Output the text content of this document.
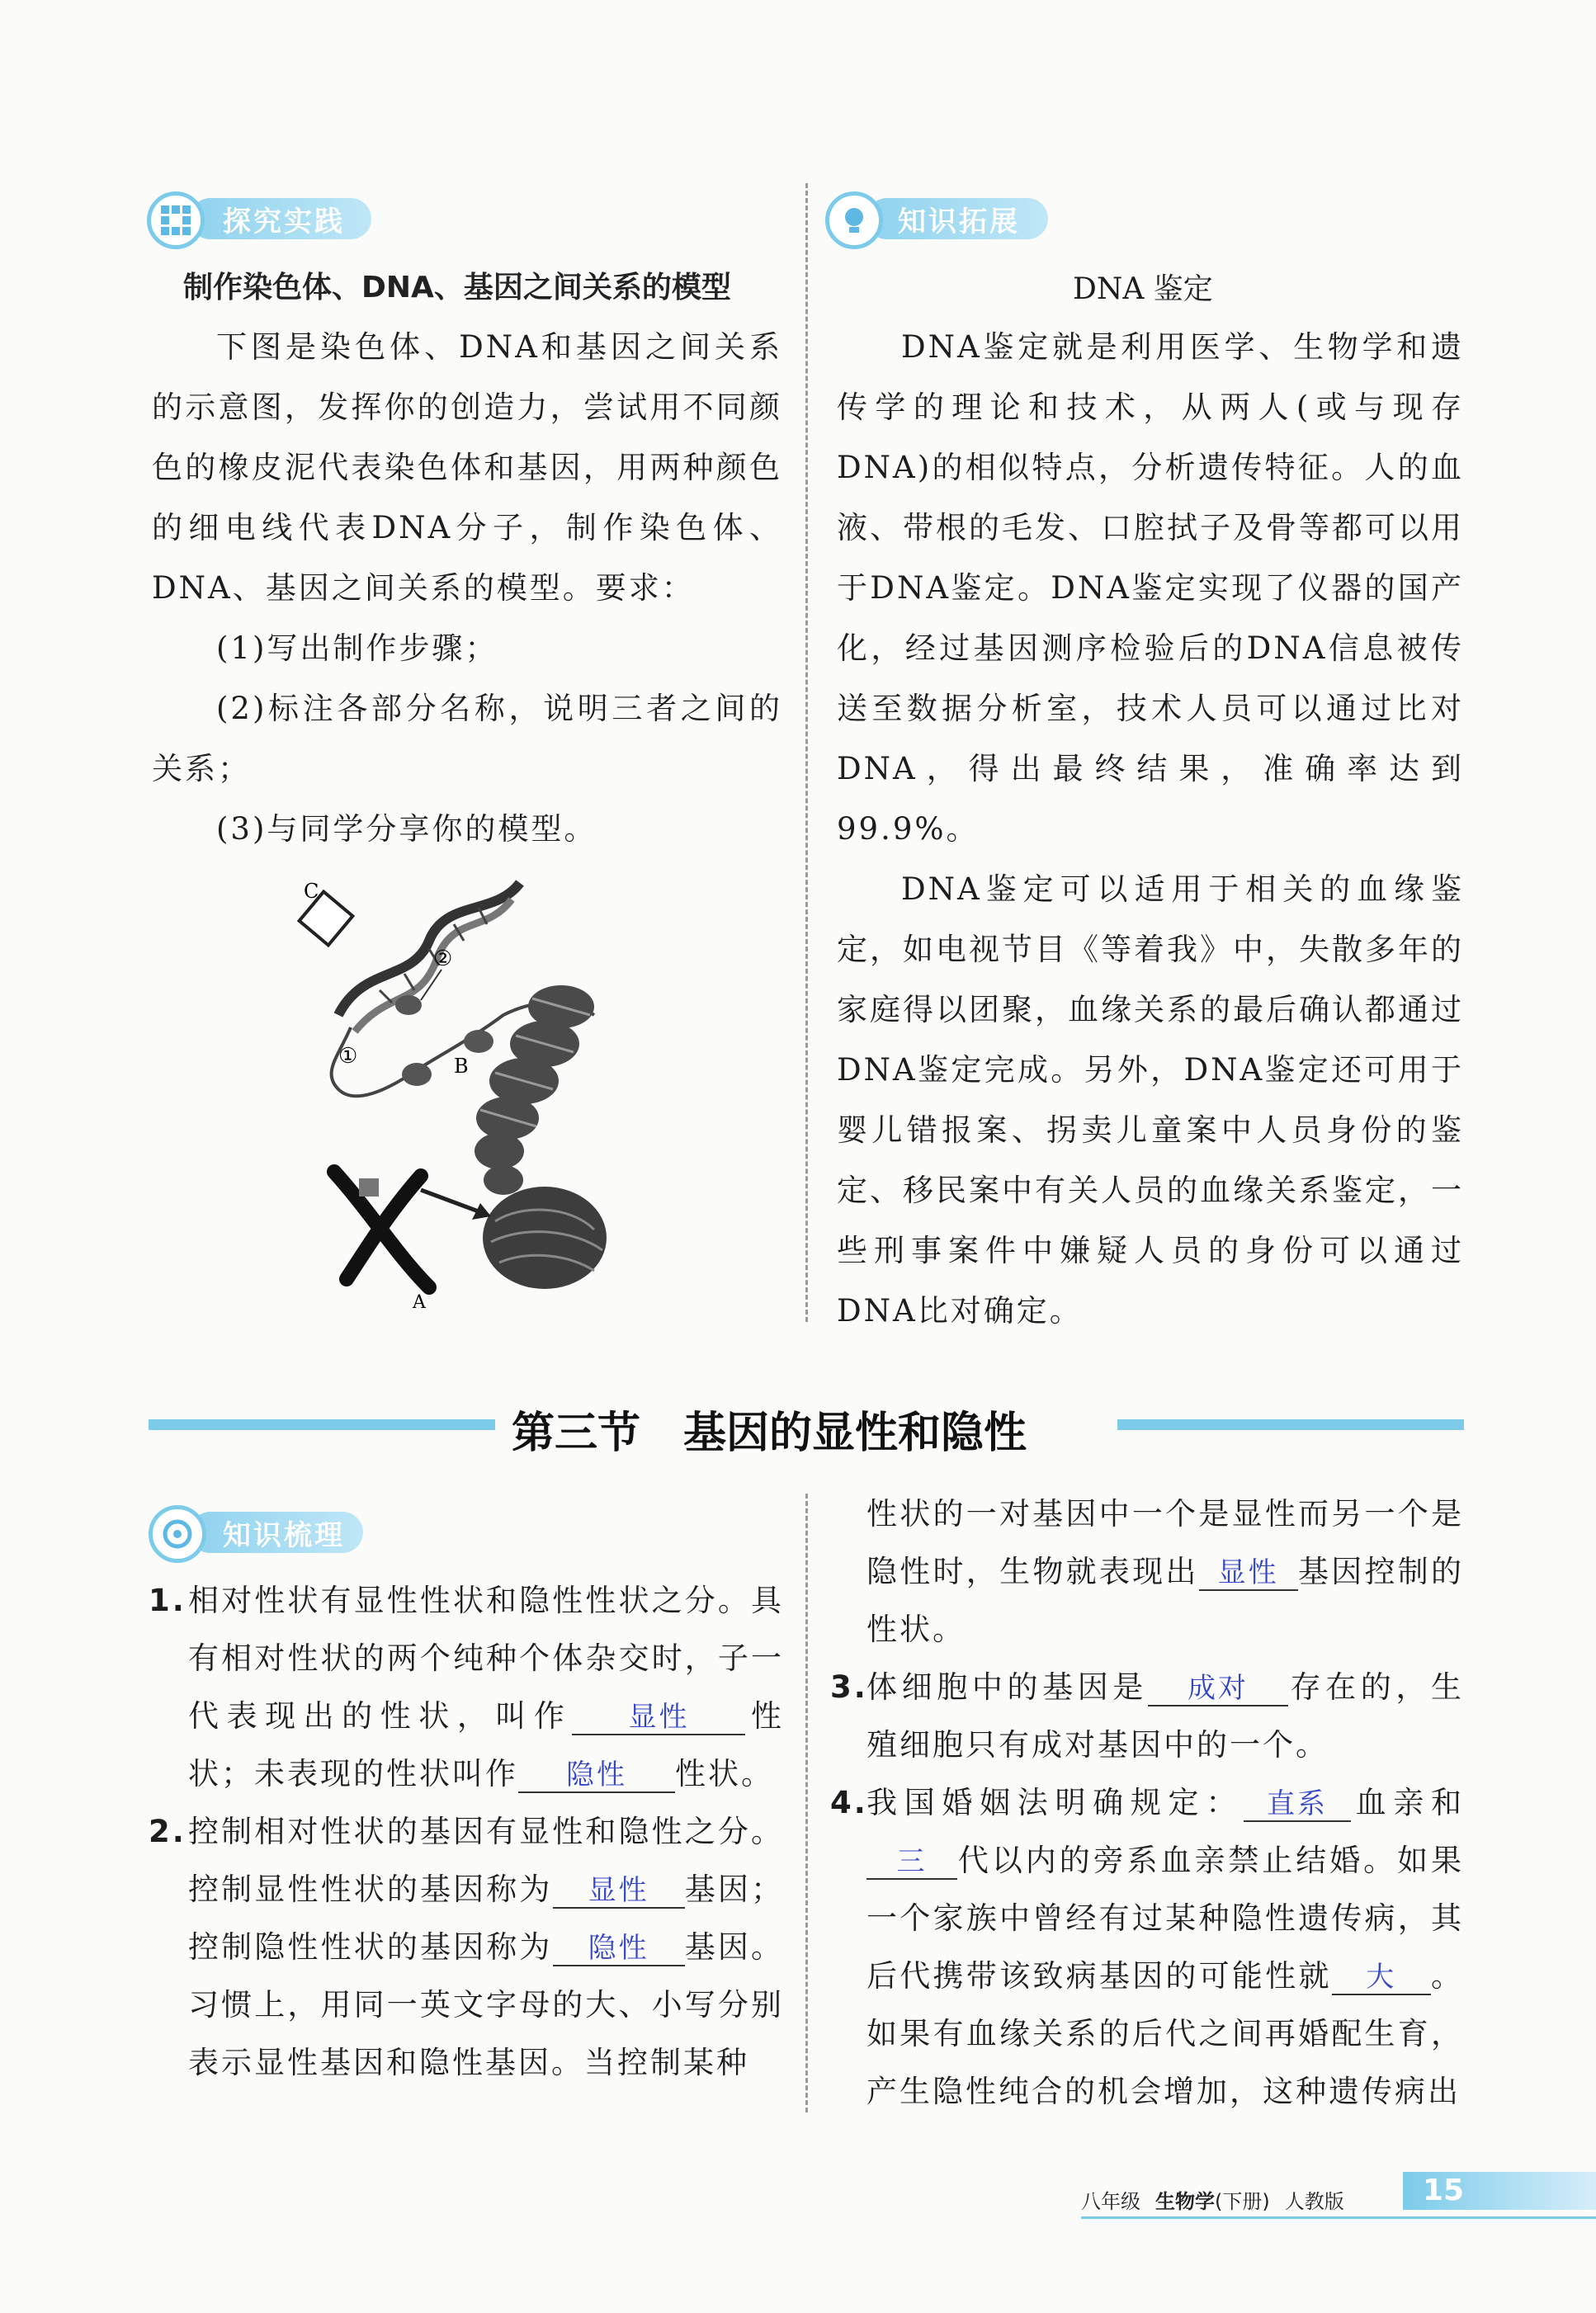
探究实践
制作染色体、DNA、基因之间关系的模型

下图是染色体、DNA和基因之间关系的示意图，发挥你的创造力，尝试用不同颜色的橡皮泥代表染色体和基因，用两种颜色的细电线代表DNA分子，制作染色体、DNA、基因之间关系的模型。要求：

(1)写出制作步骤；

(2)标注各部分名称，说明三者之间的关系；

(3)与同学分享你的模型。

C
②
①	B
A
知识拓展
DNA 鉴定

DNA鉴定就是利用医学、生物学和遗传学的理论和技术，从两人(或与现存DNA)的相似特点，分析遗传特征。人的血液、带根的毛发、口腔拭子及骨等都可以用于DNA鉴定。DNA鉴定实现了仪器的国产化，经过基因测序检验后的DNA信息被传送至数据分析室，技术人员可以通过比对DNA，得出最终结果，准确率达到99.9%。

DNA鉴定可以适用于相关的血缘鉴定，如电视节目《等着我》中，失散多年的家庭得以团聚，血缘关系的最后确认都通过DNA鉴定完成。另外，DNA鉴定还可用于婴儿错报案、拐卖儿童案中人员身份的鉴定、移民案中有关人员的血缘关系鉴定，一些刑事案件中嫌疑人员的身份可以通过DNA比对确定。

第三节　基因的显性和隐性
知识梳理
1. 相对性状有显性性状和隐性性状之分。具有相对性状的两个纯种个体杂交时，子一代表现出的性状，叫作 显性 性状；未表现的性状叫作 隐性 性状。
2. 控制相对性状的基因有显性和隐性之分。控制显性性状的基因称为 显性 基因；控制隐性性状的基因称为 隐性 基因。习惯上，用同一英文字母的大、小写分别表示显性基因和隐性基因。当控制某种
性状的一对基因中一个是显性而另一个是隐性时，生物就表现出 显性 基因控制的性状。
3.
体细胞中的基因是 成对 存在的，生殖细胞只有成对基因中的一个。
4.
我国婚姻法明确规定： 直系 血亲和三 代以内的旁系血亲禁止结婚。如果一个家族中曾经有过某种隐性遗传病，其后代携带该致病基因的可能性就 大 。如果有血缘关系的后代之间再婚配生育，产生隐性纯合的机会增加，这种遗传病出
八年级 生物学(下册) 人教版	15
